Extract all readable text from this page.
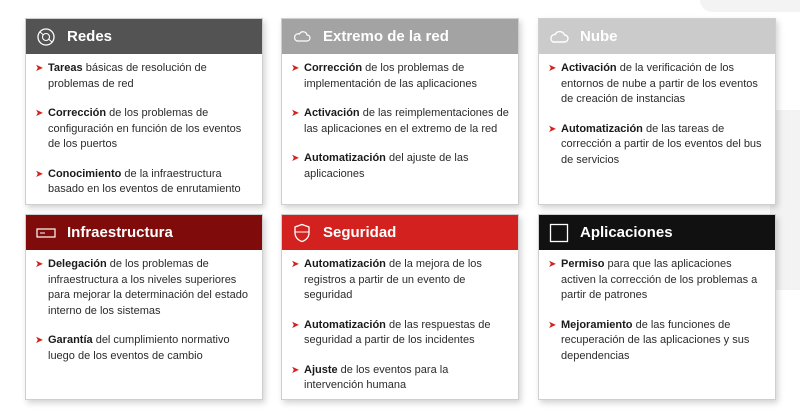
Redes
➤ Tareas básicas de resolución de problemas de red
➤ Corrección de los problemas de configuración en función de los eventos de los puertos
➤ Conocimiento de la infraestructura basado en los eventos de enrutamiento
Extremo de la red
➤ Corrección de los problemas de implementación de las aplicaciones
➤ Activación de las reimplementaciones de las aplicaciones en el extremo de la red
➤ Automatización del ajuste de las aplicaciones
Nube
➤ Activación de la verificación de los entornos de nube a partir de los eventos de creación de instancias
➤ Automatización de las tareas de corrección a partir de los eventos del bus de servicios
Infraestructura
➤ Delegación de los problemas de infraestructura a los niveles superiores para mejorar la determinación del estado interno de los sistemas
➤ Garantía del cumplimiento normativo luego de los eventos de cambio
Seguridad
➤ Automatización de la mejora de los registros a partir de un evento de seguridad
➤ Automatización de las respuestas de seguridad a partir de los incidentes
➤ Ajuste de los eventos para la intervención humana
Aplicaciones
➤ Permiso para que las aplicaciones activen la corrección de los problemas a partir de patrones
➤ Mejoramiento de las funciones de recuperación de las aplicaciones y sus dependencias
